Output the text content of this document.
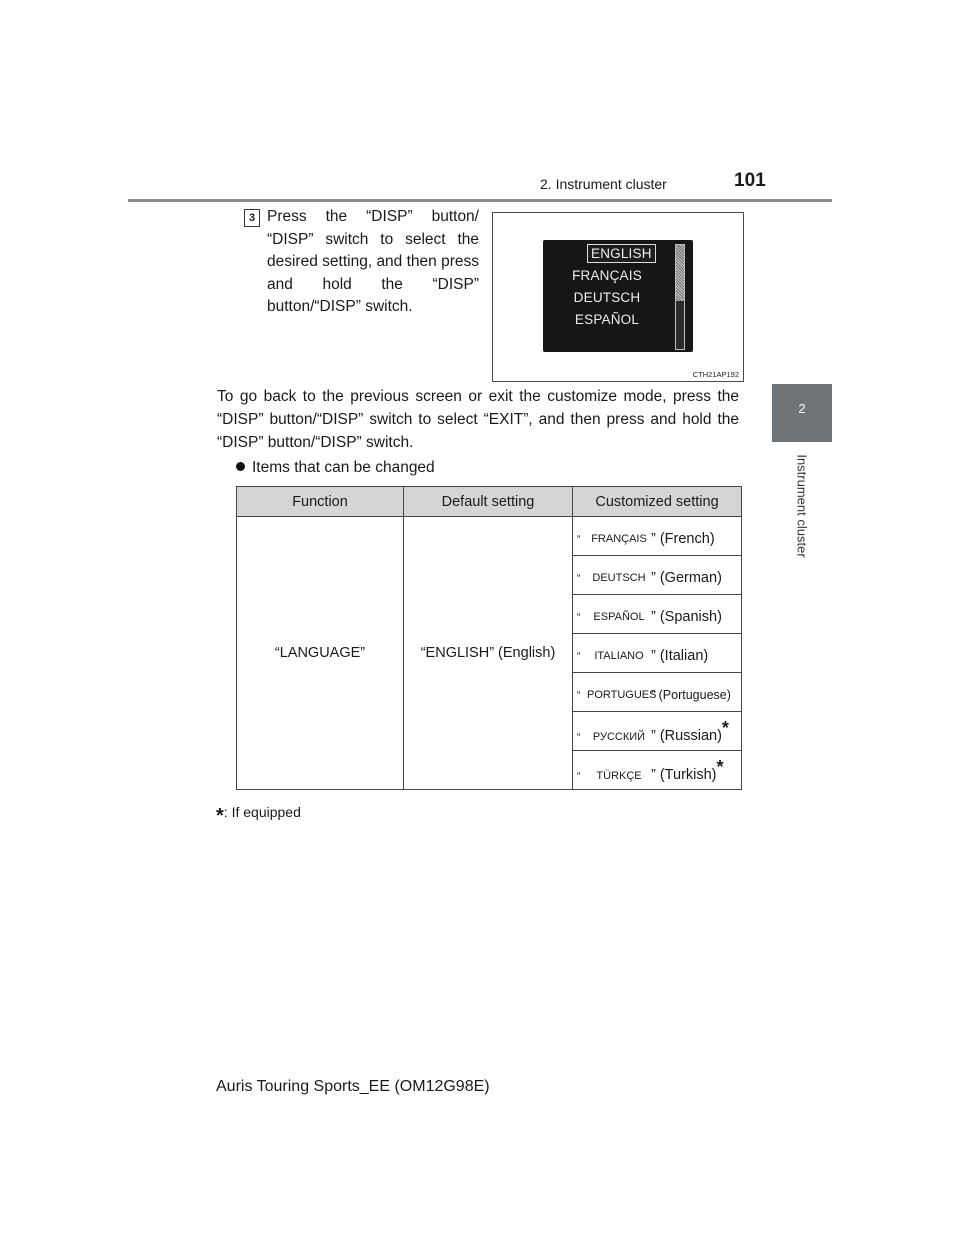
2. Instrument cluster	101
2
Instrument cluster
3 Press the “DISP” button/ “DISP” switch to select the desired setting, and then press and hold the “DISP” button/“DISP” switch.
ENGLISH
FRANÇAIS
DEUTSCH
ESPAÑOL
CTH21AP192
To go back to the previous screen or exit the customize mode, press the “DISP” button/“DISP” switch to select “EXIT”, and then press and hold the “DISP” button/“DISP” switch.
Items that can be changed
Function	Default setting	Customized setting
“LANGUAGE”	“ENGLISH” (English)	“ FRANÇAIS ” (French)
		“ DEUTSCH ” (German)
		“ ESPAÑOL ” (Spanish)
		“ ITALIANO ” (Italian)
		“ PORTUGUES” (Portuguese)
		“ РУССКИЙ ” (Russian)*
		“ TÜRKÇE ” (Turkish)*
*: If equipped
Auris Touring Sports_EE (OM12G98E)
